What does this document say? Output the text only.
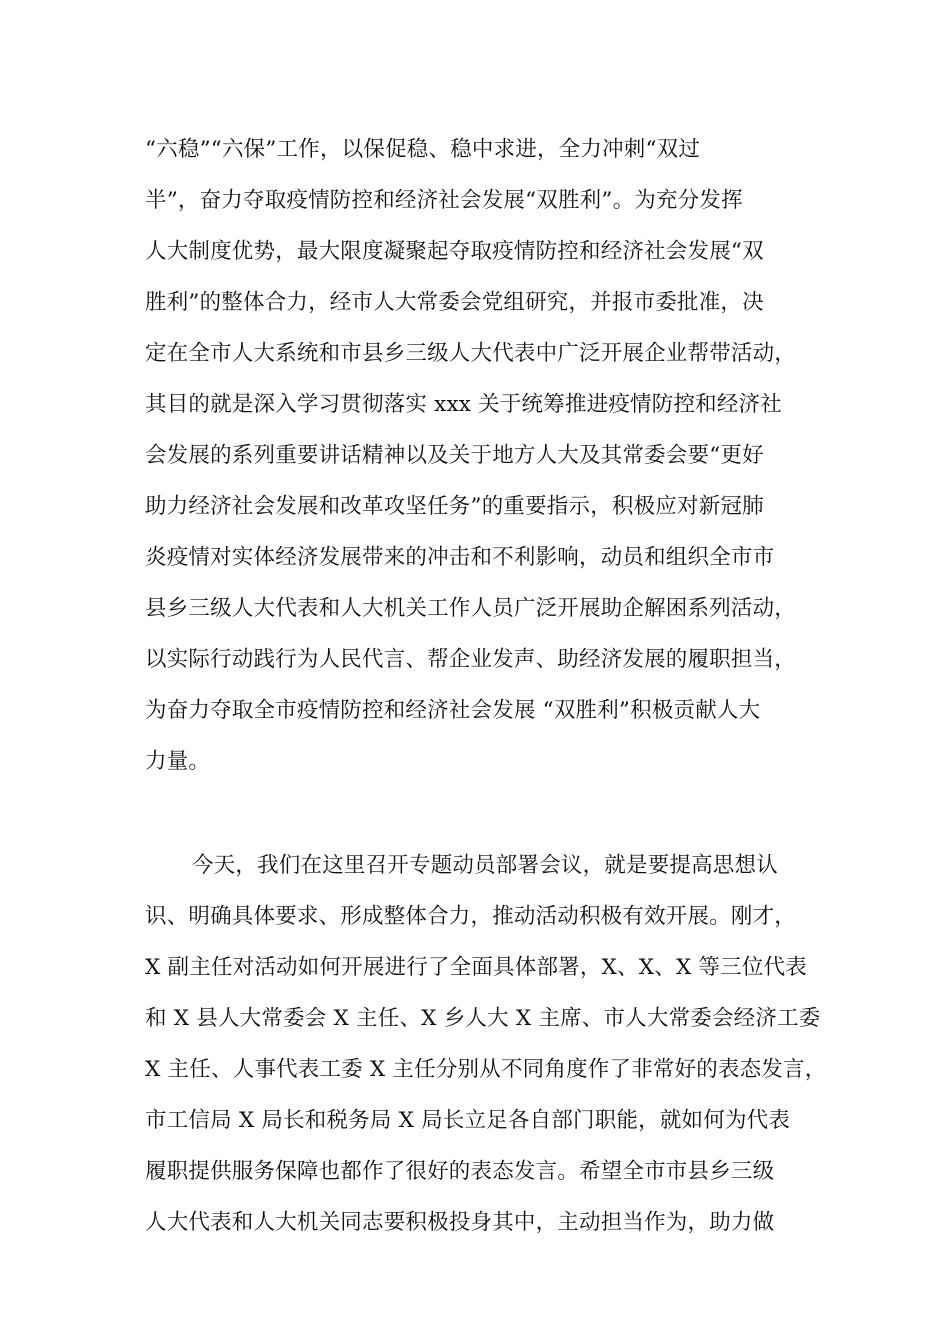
“六稳”“六保”工作，以保促稳、稳中求进，全力冲刺“双过
半”，奋力夺取疫情防控和经济社会发展“双胜利”。为充分发挥
人大制度优势，最大限度凝聚起夺取疫情防控和经济社会发展“双
胜利”的整体合力，经市人大常委会党组研究，并报市委批准，决
定在全市人大系统和市县乡三级人大代表中广泛开展企业帮带活动，
其目的就是深入学习贯彻落实 xxx 关于统筹推进疫情防控和经济社
会发展的系列重要讲话精神以及关于地方人大及其常委会要“更好
助力经济社会发展和改革攻坚任务”的重要指示，积极应对新冠肺
炎疫情对实体经济发展带来的冲击和不利影响，动员和组织全市市
县乡三级人大代表和人大机关工作人员广泛开展助企解困系列活动，
以实际行动践行为人民代言、帮企业发声、助经济发展的履职担当，
为奋力夺取全市疫情防控和经济社会发展 “双胜利”积极贡献人大
力量。
今天，我们在这里召开专题动员部署会议，就是要提高思想认
识、明确具体要求、形成整体合力，推动活动积极有效开展。刚才，
X 副主任对活动如何开展进行了全面具体部署，X、X、X 等三位代表
和 X 县人大常委会 X 主任、X 乡人大 X 主席、市人大常委会经济工委
X 主任、人事代表工委 X 主任分别从不同角度作了非常好的表态发言，
市工信局 X 局长和税务局 X 局长立足各自部门职能，就如何为代表
履职提供服务保障也都作了很好的表态发言。希望全市市县乡三级
人大代表和人大机关同志要积极投身其中，主动担当作为，助力做
